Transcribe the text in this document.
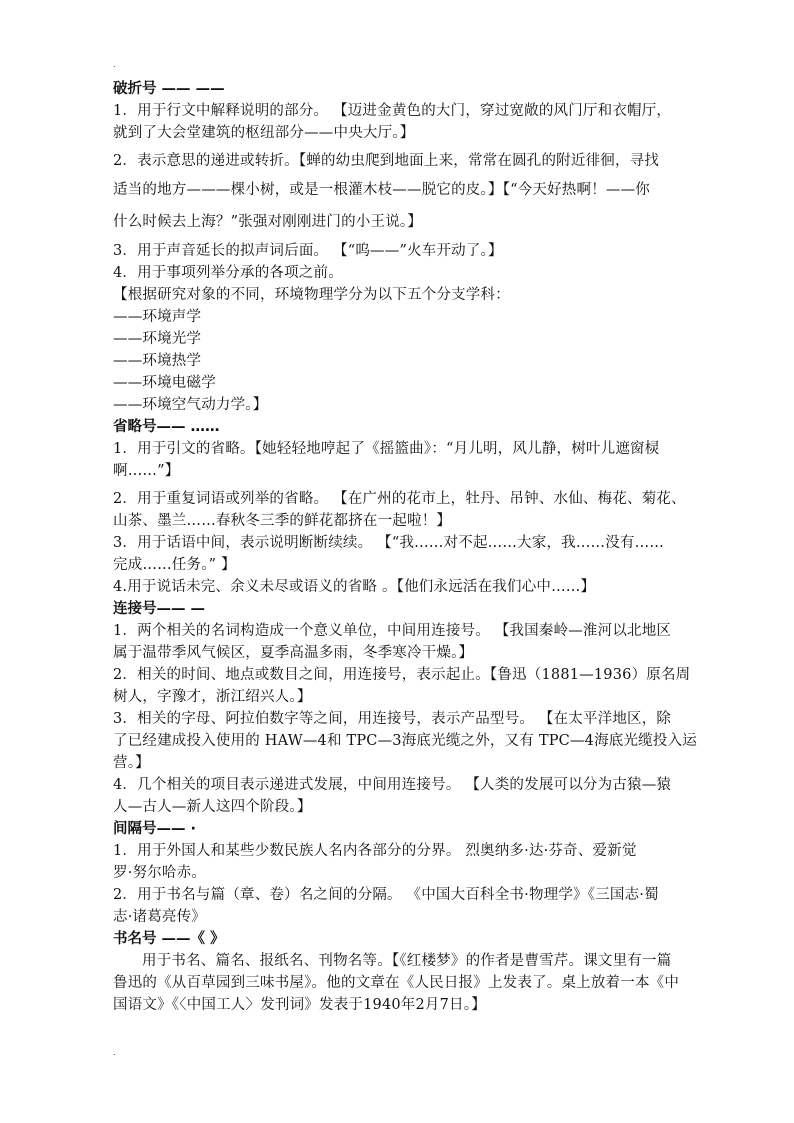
.
.
破折号 —— ——
1．用于行文中解释说明的部分。 【迈进金黄色的大门，穿过宽敞的风门厅和衣帽厅，
就到了大会堂建筑的枢纽部分——中央大厅。】
2．表示意思的递进或转折。【蝉的幼虫爬到地面上来，常常在圆孔的附近徘徊，寻找
适当的地方———棵小树，或是一根灌木枝——脱它的皮。】【“今天好热啊！——你
什么时候去上海？”张强对刚刚进门的小王说。】
3．用于声音延长的拟声词后面。 【“呜——”火车开动了。】
4．用于事项列举分承的各项之前。
【根据研究对象的不同，环境物理学分为以下五个分支学科：
——环境声学
——环境光学
——环境热学
——环境电磁学
——环境空气动力学。】
省略号—— ……
1．用于引文的省略。【她轻轻地哼起了《摇篮曲》：“月儿明，风儿静，树叶儿遮窗棂
啊……”】
2．用于重复词语或列举的省略。 【在广州的花市上，牡丹、吊钟、水仙、梅花、菊花、
山茶、墨兰……春秋冬三季的鲜花都挤在一起啦！】
3．用于话语中间，表示说明断断续续。 【“我……对不起……大家，我……没有……
完成……任务。” 】
4.用于说话未完、余义未尽或语义的省略 。【他们永远活在我们心中……】
连接号—— —
1．两个相关的名词构造成一个意义单位，中间用连接号。 【我国秦岭—淮河以北地区
属于温带季风气候区，夏季高温多雨，冬季寒冷干燥。】
2．相关的时间、地点或数目之间，用连接号，表示起止。【鲁迅（1881—1936）原名周
树人，字豫才，浙江绍兴人。】
3．相关的字母、阿拉伯数字等之间，用连接号，表示产品型号。 【在太平洋地区，除
了已经建成投入使用的 HAW—4和 TPC—3海底光缆之外，又有 TPC—4海底光缆投入运
营。】
4．几个相关的项目表示递进式发展，中间用连接号。 【人类的发展可以分为古猿—猿
人—古人—新人这四个阶段。】
间隔号—— ·
1．用于外国人和某些少数民族人名内各部分的分界。 烈奥纳多·达·芬奇、爱新觉
罗·努尔哈赤。
2．用于书名与篇（章、卷）名之间的分隔。 《中国大百科全书·物理学》《三国志·蜀
志·诸葛亮传》
书名号 ——《 》
用于书名、篇名、报纸名、刊物名等。【《红楼梦》的作者是曹雪芹。课文里有一篇
鲁迅的《从百草园到三味书屋》。他的文章在《人民日报》上发表了。桌上放着一本《中
国语文》《〈中国工人〉发刊词》发表于1940年2月7日。】
